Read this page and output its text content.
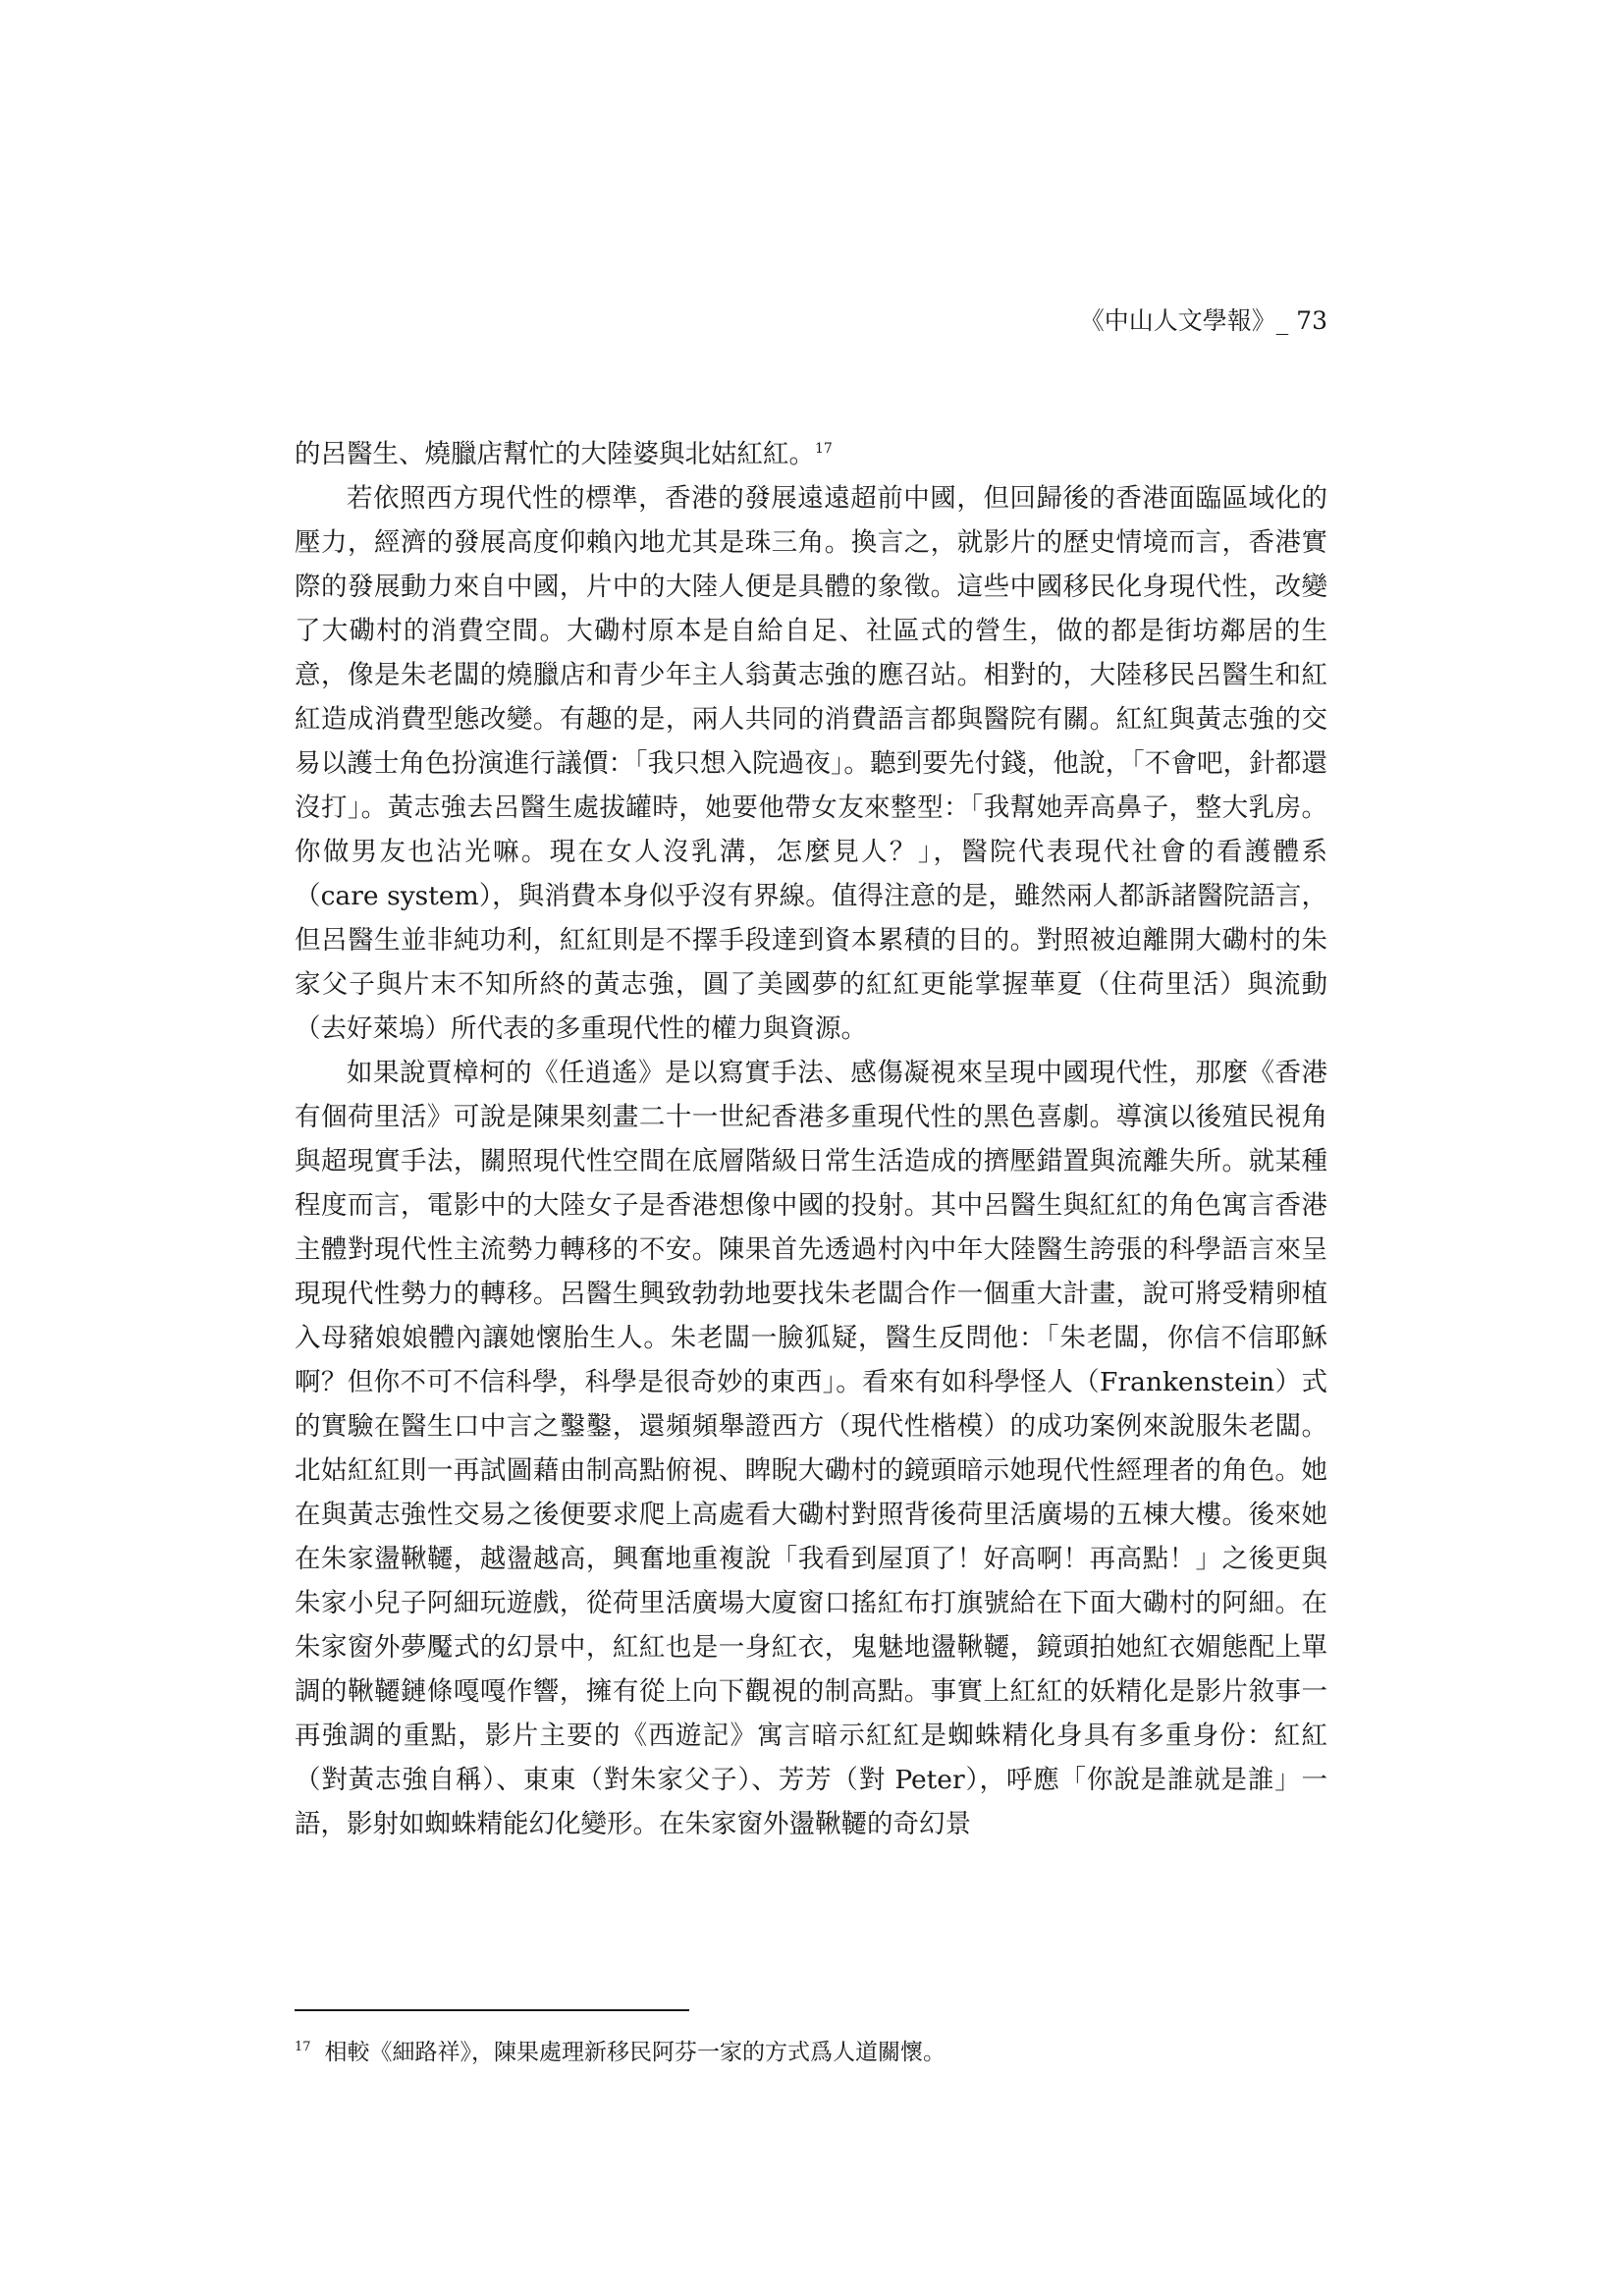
《中山人文學報》_ 73

的呂醫生、燒臘店幫忙的大陸婆與北姑紅紅。$^{17}$

若依照西方現代性的標準，香港的發展遠遠超前中國，但回歸後的香港面臨區域化的壓力，經濟的發展高度仰賴內地尤其是珠三角。換言之，就影片的歷史情境而言，香港實際的發展動力來自中國，片中的大陸人便是具體的象徵。這些中國移民化身現代性，改變了大磡村的消費空間。大磡村原本是自給自足、社區式的營生，做的都是街坊鄰居的生意，像是朱老闆的燒臘店和青少年主人翁黃志強的應召站。相對的，大陸移民呂醫生和紅紅造成消費型態改變。有趣的是，兩人共同的消費語言都與醫院有關。紅紅與黃志強的交易以護士角色扮演進行議價：「我只想入院過夜」。聽到要先付錢，他說，「不會吧，針都還沒打」。黃志強去呂醫生處拔罐時，她要他帶女友來整型：「我幫她弄高鼻子，整大乳房。你做男友也沾光嘛。現在女人沒乳溝，怎麼見人？」，醫院代表現代社會的看護體系（care system），與消費本身似乎沒有界線。值得注意的是，雖然兩人都訴諸醫院語言，但呂醫生並非純功利，紅紅則是不擇手段達到資本累積的目的。對照被迫離開大磡村的朱家父子與片末不知所終的黃志強，圓了美國夢的紅紅更能掌握華夏（住荷里活）與流動（去好萊塢）所代表的多重現代性的權力與資源。

如果說賈樟柯的《任逍遙》是以寫實手法、感傷凝視來呈現中國現代性，那麼《香港有個荷里活》可說是陳果刻畫二十一世紀香港多重現代性的黑色喜劇。導演以後殖民視角與超現實手法，關照現代性空間在底層階級日常生活造成的擠壓錯置與流離失所。就某種程度而言，電影中的大陸女子是香港想像中國的投射。其中呂醫生與紅紅的角色寓言香港主體對現代性主流勢力轉移的不安。陳果首先透過村內中年大陸醫生誇張的科學語言來呈現現代性勢力的轉移。呂醫生興致勃勃地要找朱老闆合作一個重大計畫，說可將受精卵植入母豬娘娘體內讓她懷胎生人。朱老闆一臉狐疑，醫生反問他：「朱老闆，你信不信耶穌啊？但你不可不信科學，科學是很奇妙的東西」。看來有如科學怪人（Frankenstein）式的實驗在醫生口中言之鑿鑿，還頻頻舉證西方（現代性楷模）的成功案例來說服朱老闆。北姑紅紅則一再試圖藉由制高點俯視、睥睨大磡村的鏡頭暗示她現代性經理者的角色。她在與黃志強性交易之後便要求爬上高處看大磡村對照背後荷里活廣場的五棟大樓。後來她在朱家盪鞦韆，越盪越高，興奮地重複說「我看到屋頂了！好高啊！再高點！」之後更與朱家小兒子阿細玩遊戲，從荷里活廣場大廈窗口搖紅布打旗號給在下面大磡村的阿細。在朱家窗外夢魘式的幻景中，紅紅也是一身紅衣，鬼魅地盪鞦韆，鏡頭拍她紅衣媚態配上單調的鞦韆鏈條嘎嘎作響，擁有從上向下觀視的制高點。事實上紅紅的妖精化是影片敘事一再強調的重點，影片主要的《西遊記》寓言暗示紅紅是蜘蛛精化身具有多重身份：紅紅（對黃志強自稱）、東東（對朱家父子）、芳芳（對 Peter），呼應「你說是誰就是誰」一語，影射如蜘蛛精能幻化變形。在朱家窗外盪鞦韆的奇幻景

$^{17}$ 相較《細路祥》，陳果處理新移民阿芬一家的方式爲人道關懷。
